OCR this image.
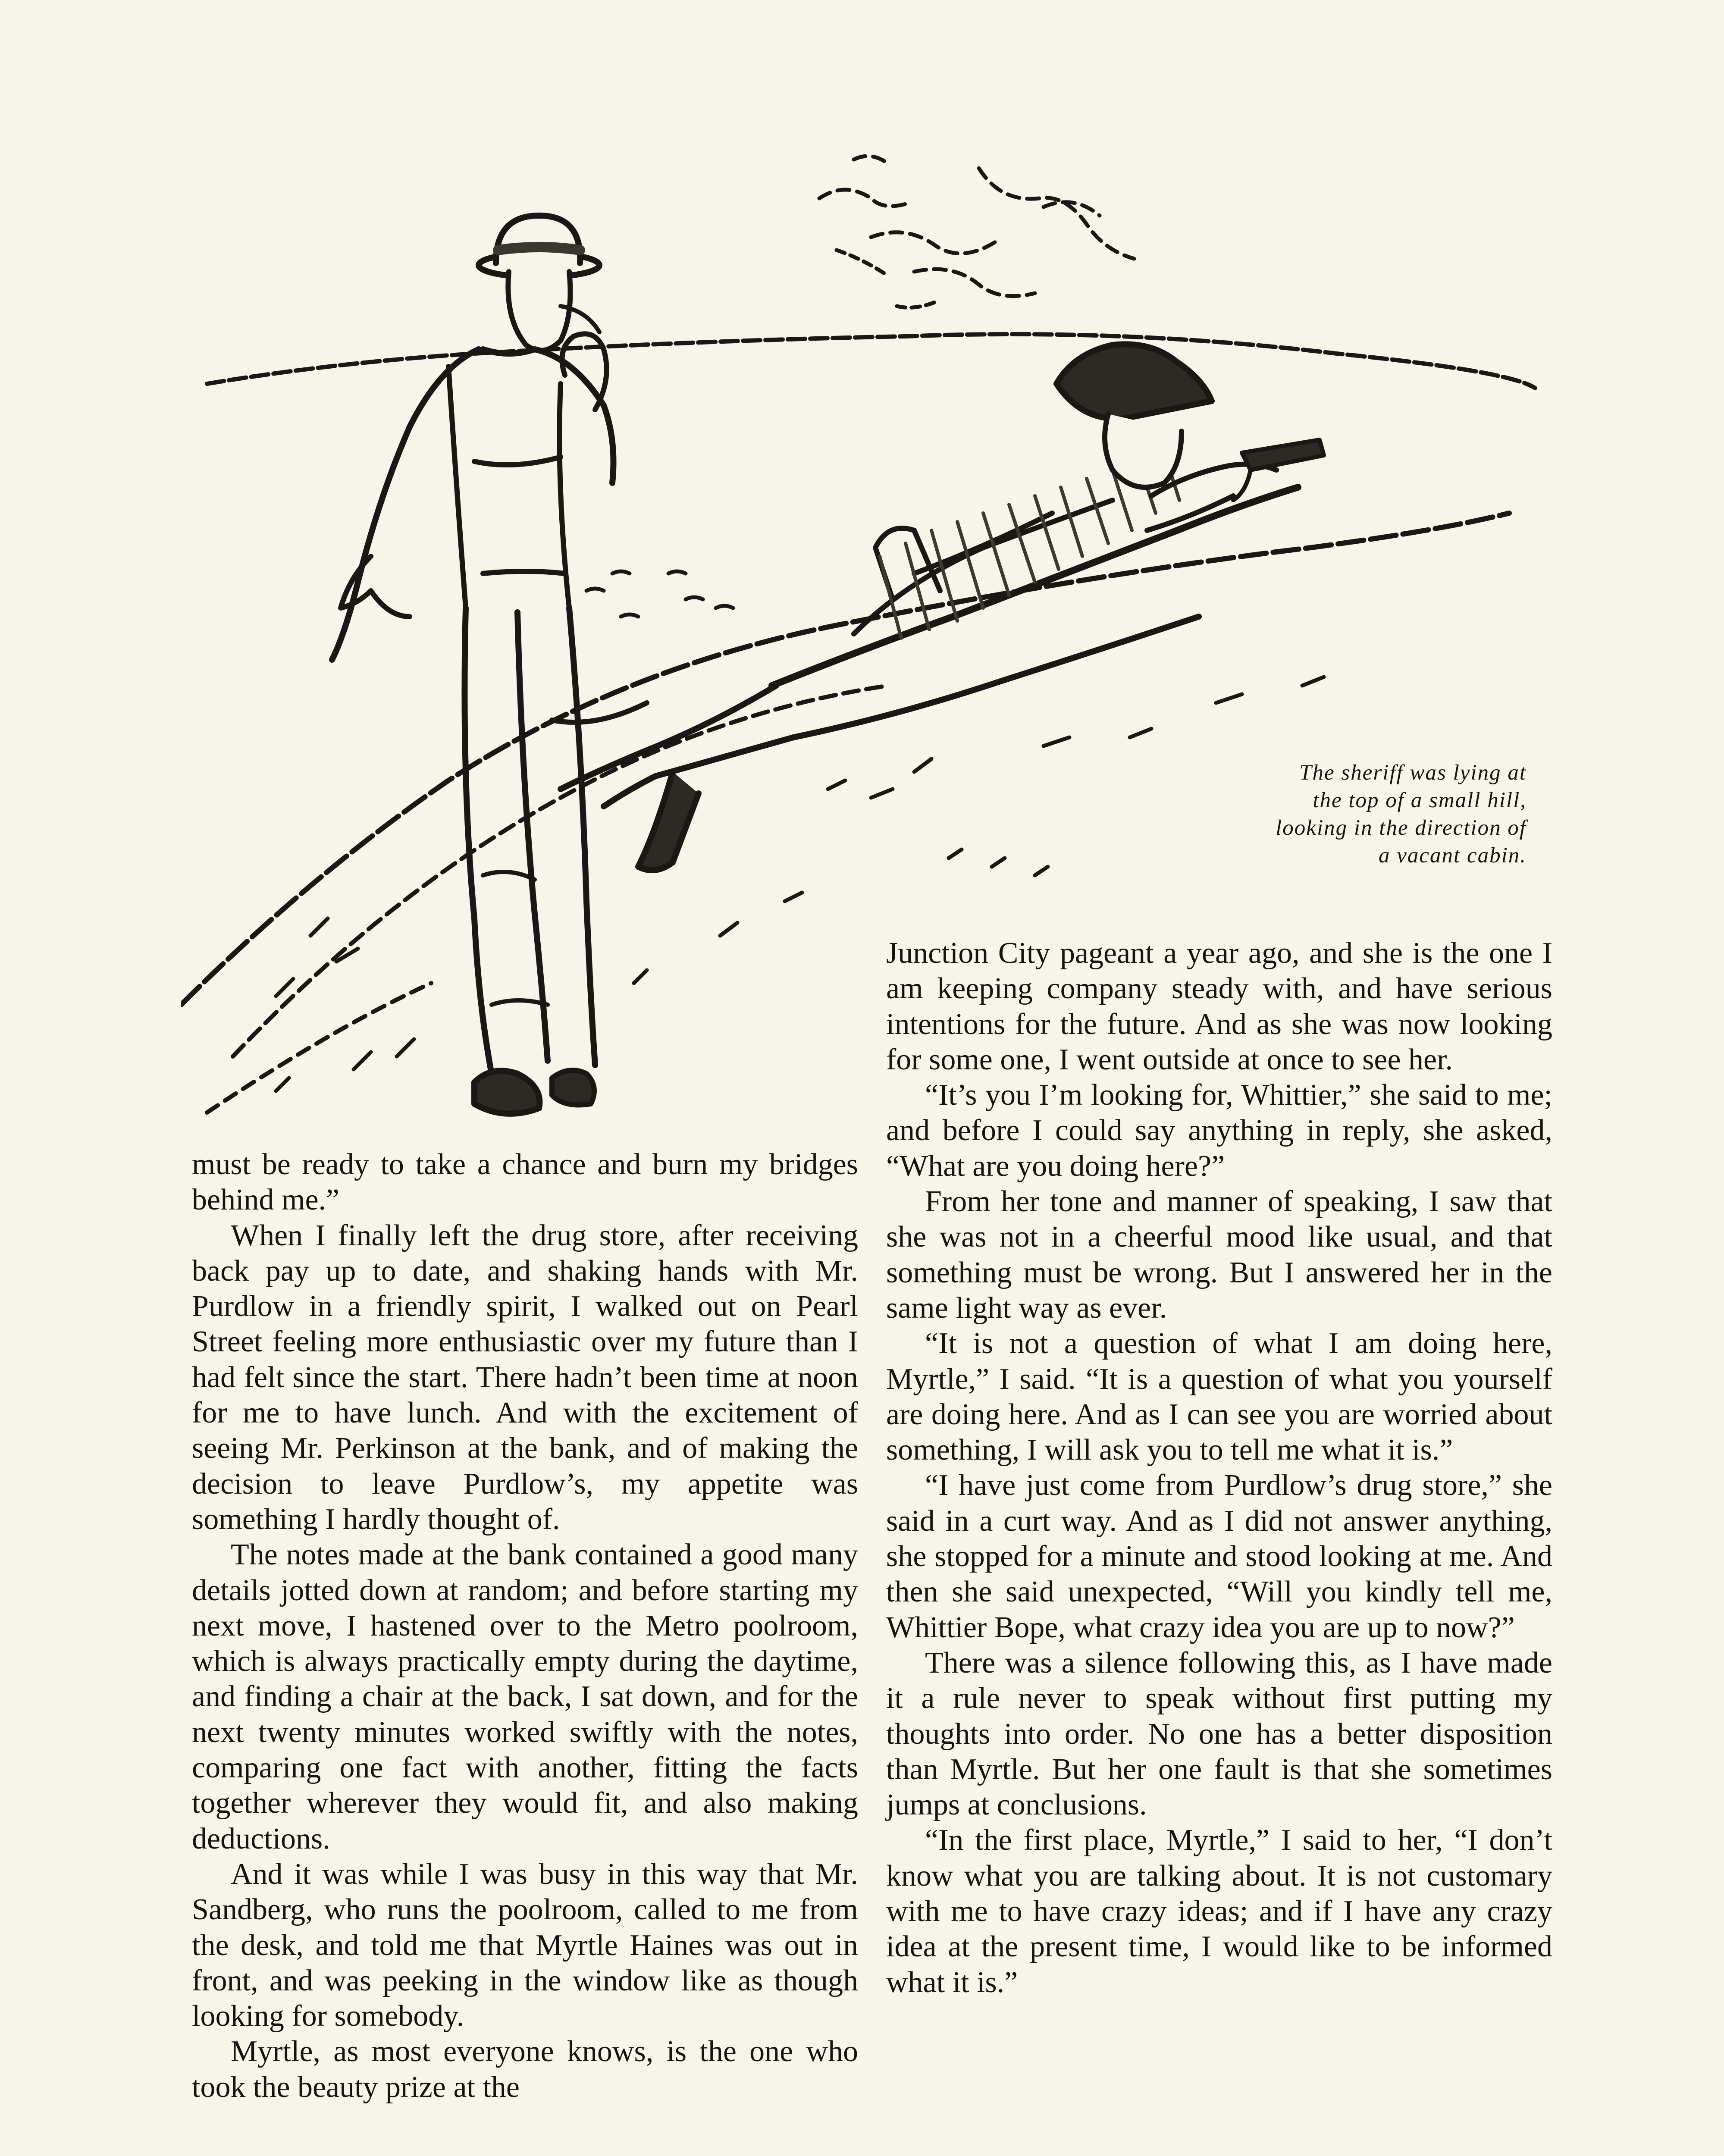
The sheriff was lying at
the top of a small hill,
looking in the direction of
a vacant cabin.

must be ready to take a chance and burn my bridges behind me.”

When I finally left the drug store, after receiving back pay up to date, and shaking hands with Mr. Purdlow in a friendly spirit, I walked out on Pearl Street feeling more enthusiastic over my future than I had felt since the start. There hadn’t been time at noon for me to have lunch. And with the excitement of seeing Mr. Perkinson at the bank, and of making the decision to leave Purdlow’s, my appetite was something I hardly thought of.

The notes made at the bank contained a good many details jotted down at random; and before starting my next move, I hastened over to the Metro poolroom, which is always practically empty during the daytime, and finding a chair at the back, I sat down, and for the next twenty minutes worked swiftly with the notes, comparing one fact with another, fitting the facts together wherever they would fit, and also making deductions.

And it was while I was busy in this way that Mr. Sandberg, who runs the poolroom, called to me from the desk, and told me that Myrtle Haines was out in front, and was peeking in the window like as though looking for somebody.

Myrtle, as most everyone knows, is the one who took the beauty prize at the

Junction City pageant a year ago, and she is the one I am keeping company steady with, and have serious intentions for the future. And as she was now looking for some one, I went outside at once to see her.

“It’s you I’m looking for, Whittier,” she said to me; and before I could say anything in reply, she asked, “What are you doing here?”

From her tone and manner of speaking, I saw that she was not in a cheerful mood like usual, and that something must be wrong. But I answered her in the same light way as ever.

“It is not a question of what I am doing here, Myrtle,” I said. “It is a question of what you yourself are doing here. And as I can see you are worried about something, I will ask you to tell me what it is.”

“I have just come from Purdlow’s drug store,” she said in a curt way. And as I did not answer anything, she stopped for a minute and stood looking at me. And then she said unexpected, “Will you kindly tell me, Whittier Bope, what crazy idea you are up to now?”

There was a silence following this, as I have made it a rule never to speak without first putting my thoughts into order. No one has a better disposition than Myrtle. But her one fault is that she sometimes jumps at conclusions.

“In the first place, Myrtle,” I said to her, “I don’t know what you are talking about. It is not customary with me to have crazy ideas; and if I have any crazy idea at the present time, I would like to be informed what it is.”
